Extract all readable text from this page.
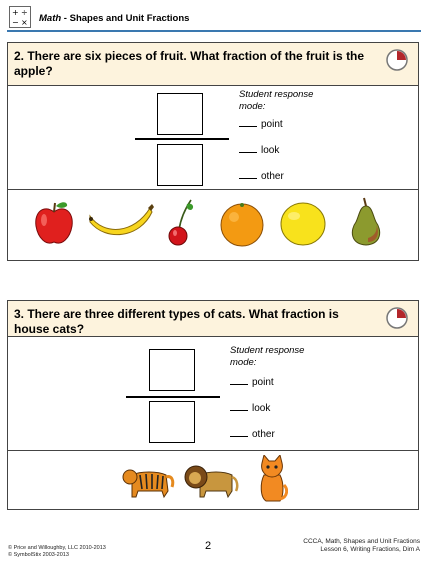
+ ÷
− × Math - Shapes and Unit Fractions
2. There are six pieces of fruit. What fraction of the fruit is the apple?
Student response mode:
point
look
other
3. There are three different types of cats. What fraction is house cats?
Student response mode:
point
look
other
© Price and Willoughby, LLC 2010-2013
© SymbolStix 2003-2013
2	CCCA, Math, Shapes and Unit Fractions
Lesson 6, Writing Fractions, Dim A
